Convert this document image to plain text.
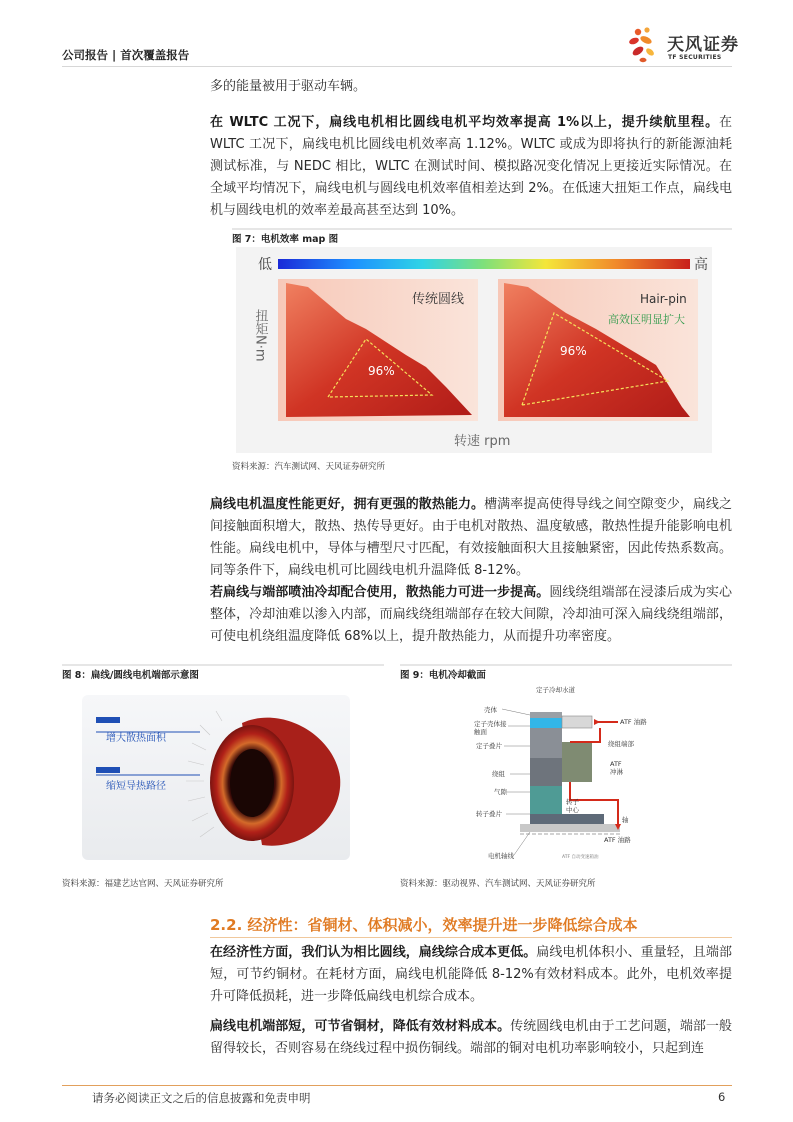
公司报告 | 首次覆盖报告	天风证券
TF SECURITIES
多的能量被用于驱动车辆。
在 WLTC 工况下，扁线电机相比圆线电机平均效率提高 1%以上，提升续航里程。在 WLTC 工况下，扁线电机比圆线电机效率高 1.12%。WLTC 或成为即将执行的新能源油耗测试标准，与 NEDC 相比，WLTC 在测试时间、模拟路况变化情况上更接近实际情况。在全域平均情况下，扁线电机与圆线电机效率值相差达到 2%。在低速大扭矩工作点，扁线电机与圆线电机的效率差最高甚至达到 10%。
图 7：电机效率 map 图
低	高
96%
传统圆线
96%
Hair-pin
高效区明显扩大
扭矩N·m
转速 rpm
资料来源：汽车测试网、天风证券研究所
扁线电机温度性能更好，拥有更强的散热能力。槽满率提高使得导线之间空隙变少，扁线之间接触面积增大，散热、热传导更好。由于电机对散热、温度敏感，散热性提升能影响电机性能。扁线电机中，导体与槽型尺寸匹配，有效接触面积大且接触紧密，因此传热系数高。同等条件下，扁线电机可比圆线电机升温降低 8-12%。
若扁线与端部喷油冷却配合使用，散热能力可进一步提高。圆线绕组端部在浸漆后成为实心整体，冷却油难以渗入内部，而扁线绕组端部存在较大间隙，冷却油可深入扁线绕组端部，可使电机绕组温度降低 68%以上，提升散热能力，从而提升功率密度。
图 8：扁线/圆线电机端部示意图
增大散热面积
缩短导热路径
资料来源：福建艺达官网、天风证券研究所
图 9：电机冷却截面
定子冷却水道
壳体
定子壳体接
触面
定子叠片
绕组
气隙
转子叠片
电机轴线
ATF 油路
绕组端部
ATF
冲淋
转子
中心
轴
ATF 油路
ATF 自动变速箱油
资料来源：驱动视界、汽车测试网、天风证券研究所
2.2. 经济性：省铜材、体积减小，效率提升进一步降低综合成本
在经济性方面，我们认为相比圆线，扁线综合成本更低。扁线电机体积小、重量轻，且端部短，可节约铜材。在耗材方面，扁线电机能降低 8-12%有效材料成本。此外，电机效率提升可降低损耗，进一步降低扁线电机综合成本。
扁线电机端部短，可节省铜材，降低有效材料成本。传统圆线电机由于工艺问题，端部一般留得较长，否则容易在绕线过程中损伤铜线。端部的铜对电机功率影响较小，只起到连
请务必阅读正文之后的信息披露和免责申明	6
